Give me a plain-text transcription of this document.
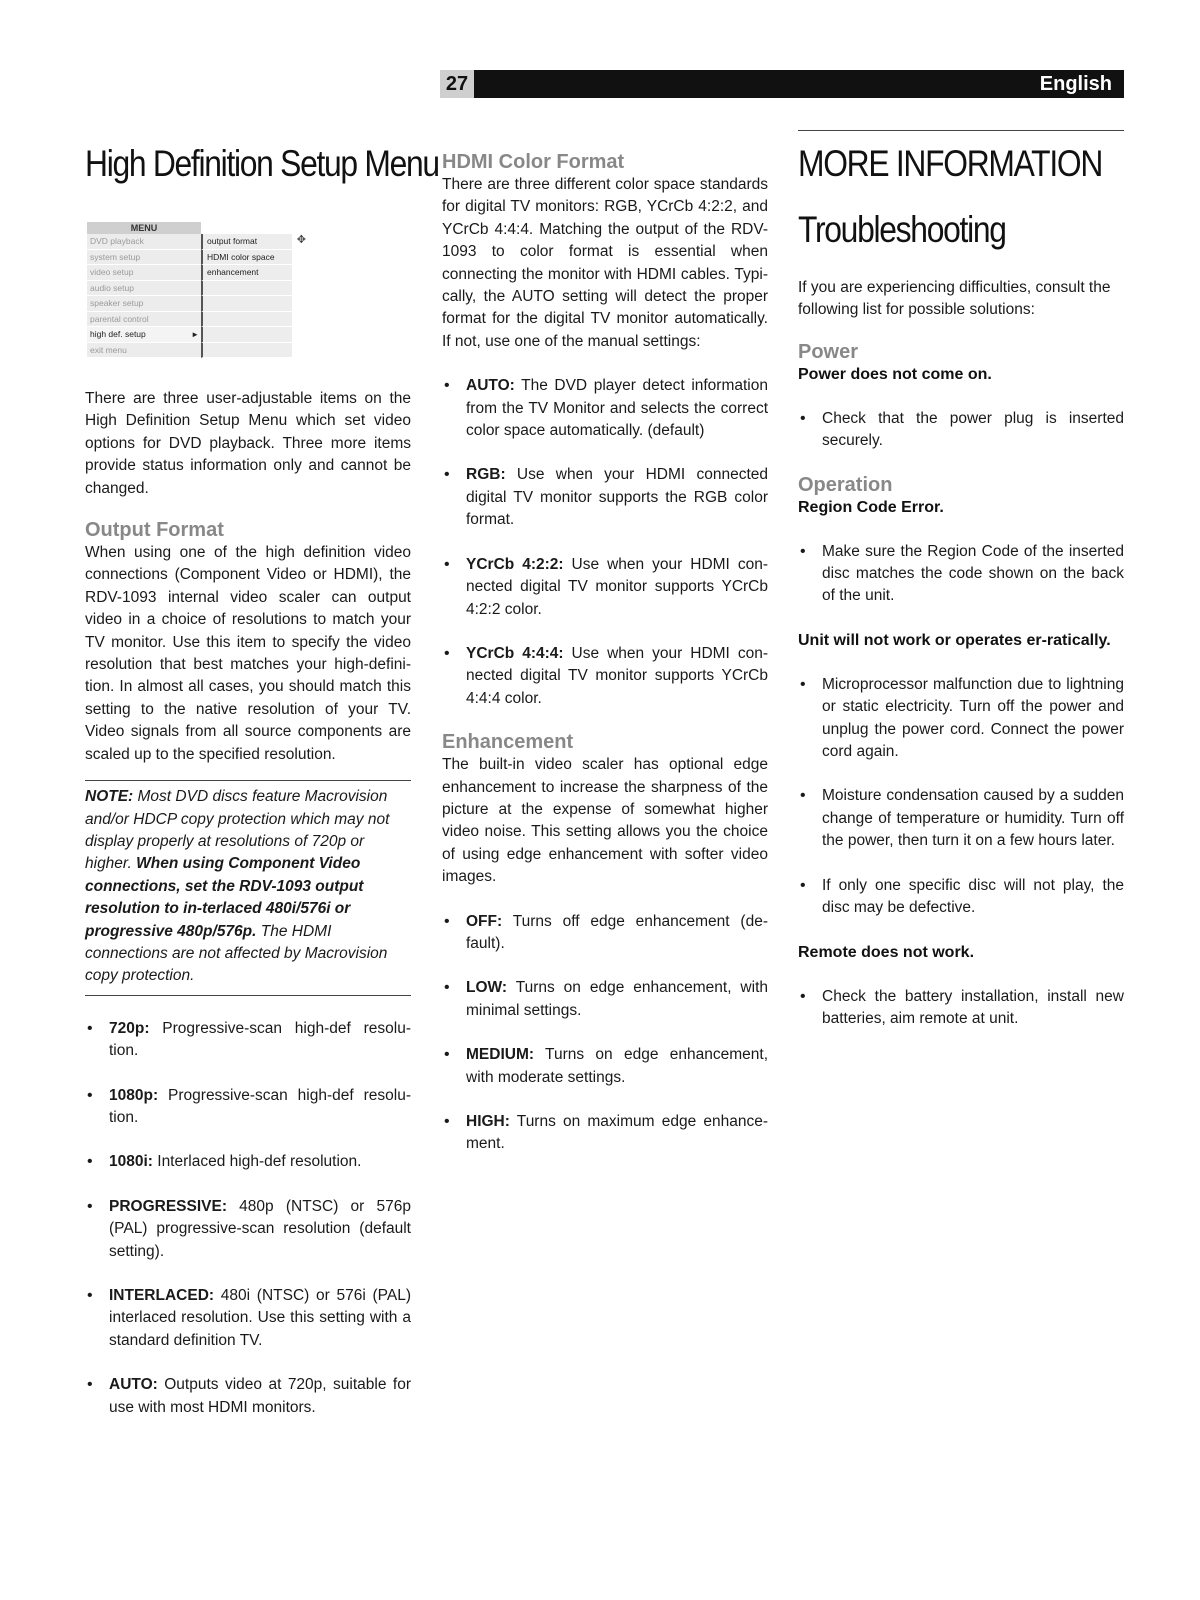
27	English
High Definition Setup Menu
MENU
DVD playback	output format	✥
system setup	HDMI color space
video setup	enhancement
audio setup
speaker setup
parental control
high def. setup	►
exit menu

There are three user-adjustable items on the High Definition Setup Menu which set video options for DVD playback. Three more items provide status information only and cannot be changed.

Output Format

When using one of the high definition video connections (Component Video or HDMI), the RDV-1093 internal video scaler can output video in a choice of resolutions to match your TV monitor. Use this item to specify the video resolution that best matches your high-defini-tion. In almost all cases, you should match this setting to the native resolution of your TV. Video signals from all source components are scaled up to the specified resolution.

NOTE: Most DVD discs feature Macrovision and/or HDCP copy protection which may not display properly at resolutions of 720p or higher. When using Component Video connections, set the RDV-1093 output resolution to in-terlaced 480i/576i or progressive 480p/576p. The HDMI connections are not affected by Macrovision copy protection.
• 720p: Progressive-scan high-def resolu-tion.
• 1080p: Progressive-scan high-def resolu-tion.
• 1080i: Interlaced high-def resolution.
• PROGRESSIVE: 480p (NTSC) or 576p (PAL) progressive-scan resolution (default setting).
• INTERLACED: 480i (NTSC) or 576i (PAL) interlaced resolution. Use this setting with a standard definition TV.
• AUTO: Outputs video at 720p, suitable for use with most HDMI monitors.
HDMI Color Format

There are three different color space standards for digital TV monitors: RGB, YCrCb 4:2:2, and YCrCb 4:4:4. Matching the output of the RDV-1093 to color format is essential when connecting the monitor with HDMI cables. Typi-cally, the AUTO setting will detect the proper format for the digital TV monitor automatically. If not, use one of the manual settings:

• AUTO: The DVD player detect information from the TV Monitor and selects the correct color space automatically. (default)
• RGB: Use when your HDMI connected digital TV monitor supports the RGB color format.
• YCrCb 4:2:2: Use when your HDMI con-nected digital TV monitor supports YCrCb 4:2:2 color.
• YCrCb 4:4:4: Use when your HDMI con-nected digital TV monitor supports YCrCb 4:4:4 color.
Enhancement

The built-in video scaler has optional edge enhancement to increase the sharpness of the picture at the expense of somewhat higher video noise. This setting allows you the choice of using edge enhancement with softer video images.

• OFF: Turns off edge enhancement (de-fault).
• LOW: Turns on edge enhancement, with minimal settings.
• MEDIUM: Turns on edge enhancement, with moderate settings.
• HIGH: Turns on maximum edge enhance-ment.
MORE INFORMATION
Troubleshooting

If you are experiencing difficulties, consult the following list for possible solutions:

Power

Power does not come on.

• Check that the power plug is inserted securely.
Operation

Region Code Error.

• Make sure the Region Code of the inserted disc matches the code shown on the back of the unit.

Unit will not work or operates er-ratically.

• Microprocessor malfunction due to lightning or static electricity. Turn off the power and unplug the power cord. Connect the power cord again.
• Moisture condensation caused by a sudden change of temperature or humidity. Turn off the power, then turn it on a few hours later.
• If only one specific disc will not play, the disc may be defective.

Remote does not work.

• Check the battery installation, install new batteries, aim remote at unit.
